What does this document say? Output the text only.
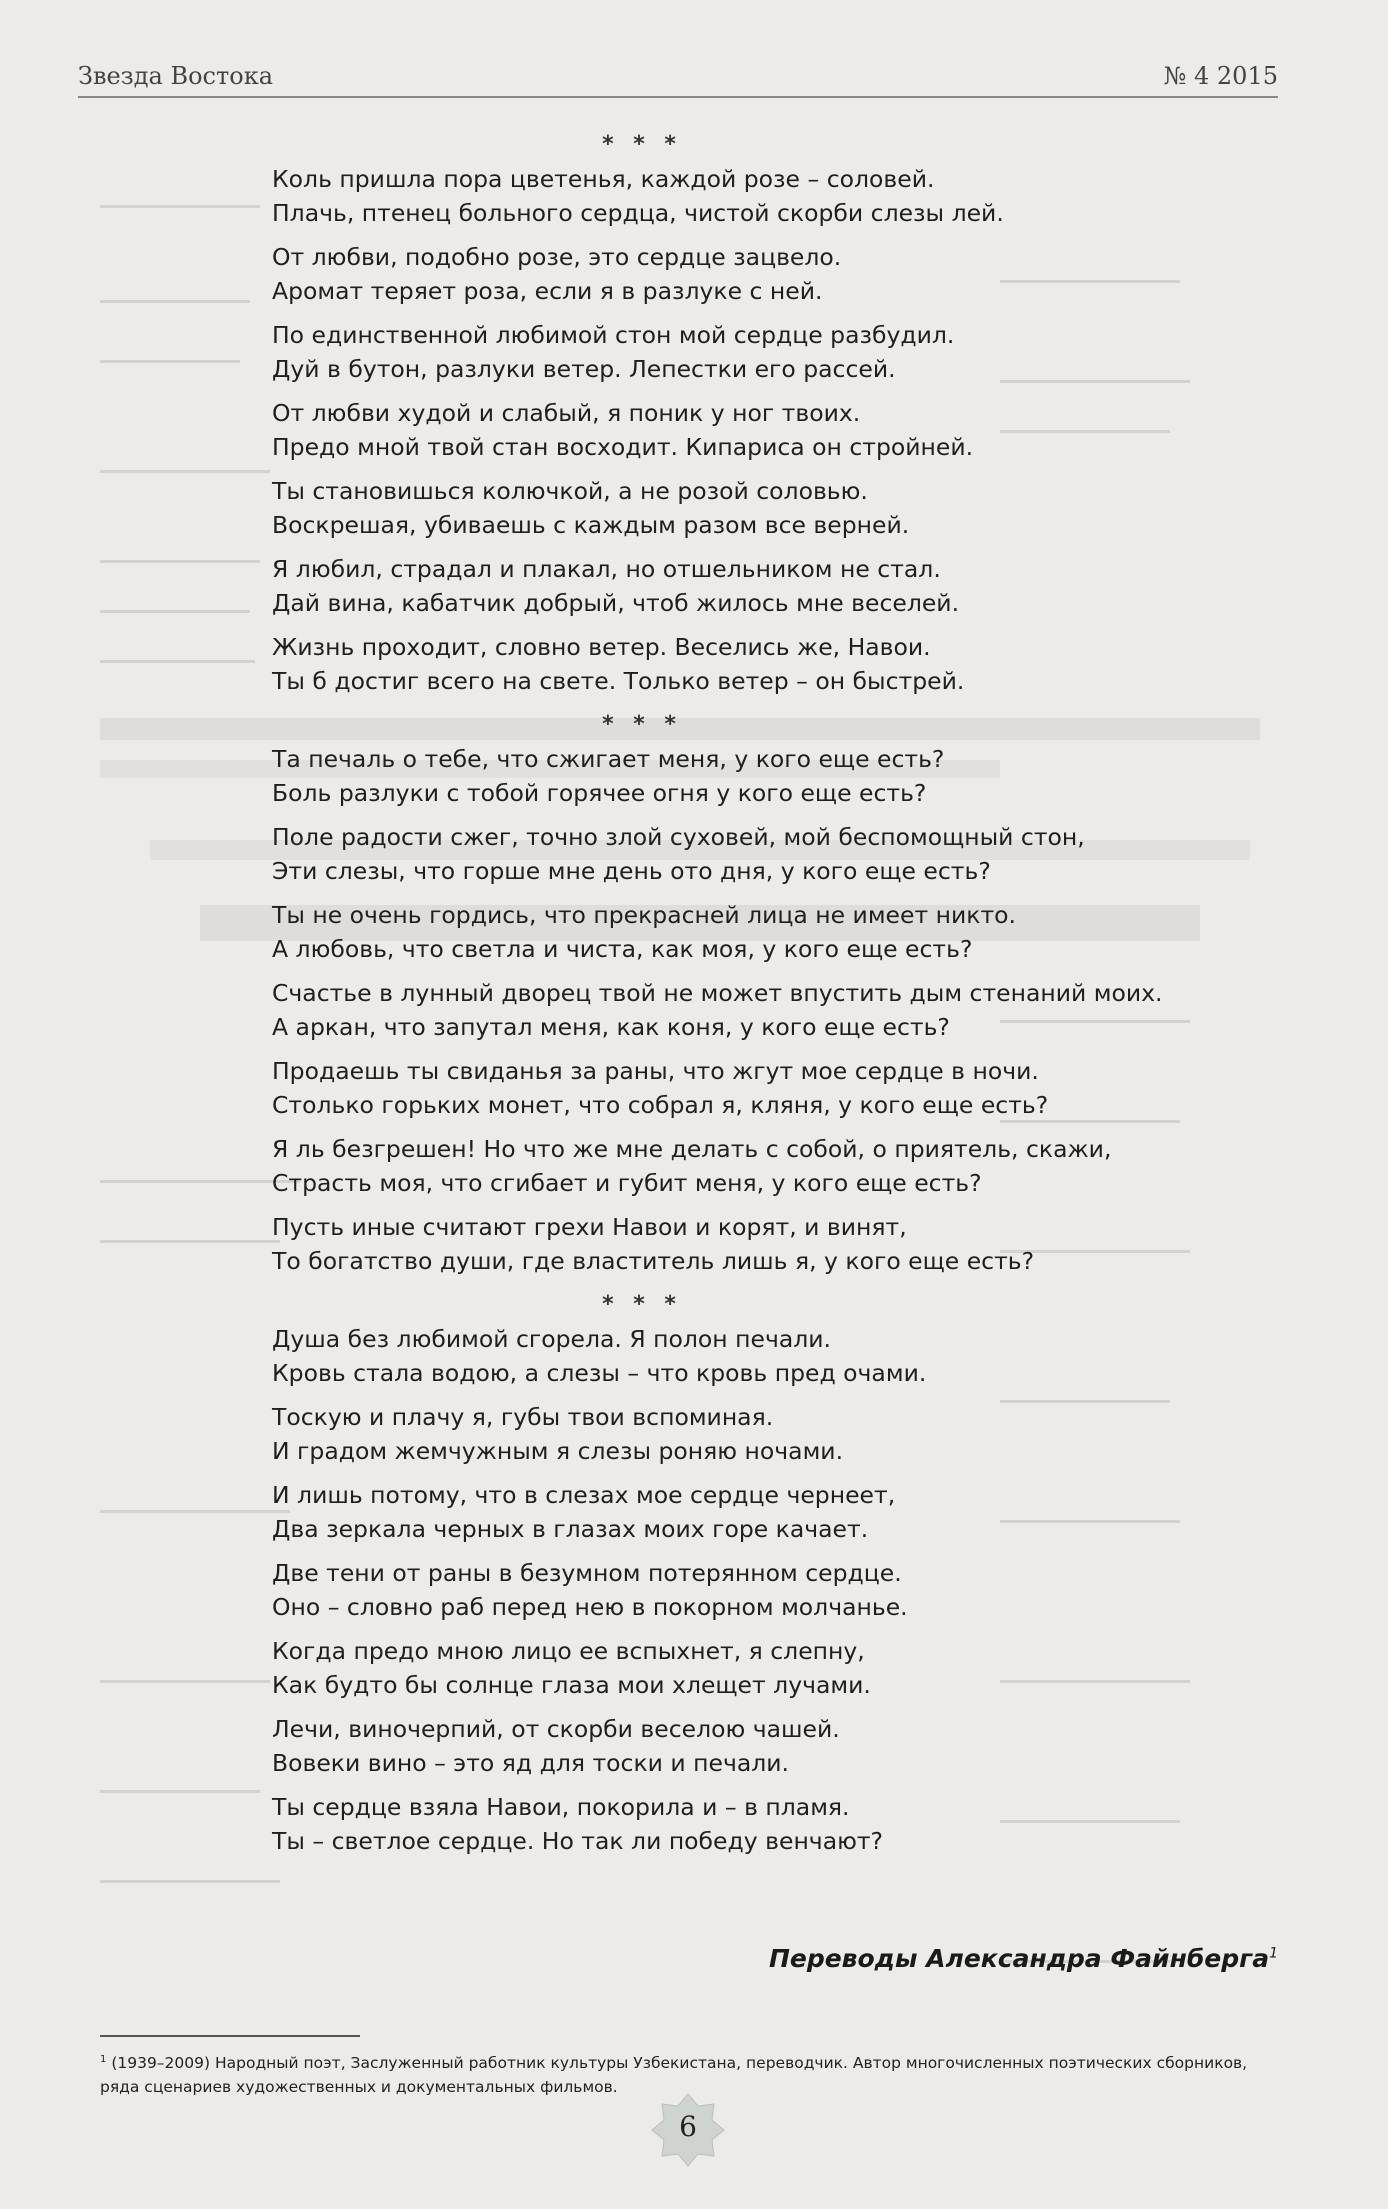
Звезда Востока	№ 4 2015
* * *
Коль пришла пора цветенья, каждой розе – соловей.
Плачь, птенец больного сердца, чистой скорби слезы лей.
От любви, подобно розе, это сердце зацвело.
Аромат теряет роза, если я в разлуке с ней.
По единственной любимой стон мой сердце разбудил.
Дуй в бутон, разлуки ветер. Лепестки его рассей.
От любви худой и слабый, я поник у ног твоих.
Предо мной твой стан восходит. Кипариса он стройней.
Ты становишься колючкой, а не розой соловью.
Воскрешая, убиваешь с каждым разом все верней.
Я любил, страдал и плакал, но отшельником не стал.
Дай вина, кабатчик добрый, чтоб жилось мне веселей.
Жизнь проходит, словно ветер. Веселись же, Навои.
Ты б достиг всего на свете. Только ветер – он быстрей.
* * *
Та печаль о тебе, что сжигает меня, у кого еще есть?
Боль разлуки с тобой горячее огня у кого еще есть?
Поле радости сжег, точно злой суховей, мой беспомощный стон,
Эти слезы, что горше мне день ото дня, у кого еще есть?
Ты не очень гордись, что прекрасней лица не имеет никто.
А любовь, что светла и чиста, как моя, у кого еще есть?
Счастье в лунный дворец твой не может впустить дым стенаний моих.
А аркан, что запутал меня, как коня, у кого еще есть?
Продаешь ты свиданья за раны, что жгут мое сердце в ночи.
Столько горьких монет, что собрал я, кляня, у кого еще есть?
Я ль безгрешен! Но что же мне делать с собой, о приятель, скажи,
Страсть моя, что сгибает и губит меня, у кого еще есть?
Пусть иные считают грехи Навои и корят, и винят,
То богатство души, где властитель лишь я, у кого еще есть?
* * *
Душа без любимой сгорела. Я полон печали.
Кровь стала водою, а слезы – что кровь пред очами.
Тоскую и плачу я, губы твои вспоминая.
И градом жемчужным я слезы роняю ночами.
И лишь потому, что в слезах мое сердце чернеет,
Два зеркала черных в глазах моих горе качает.
Две тени от раны в безумном потерянном сердце.
Оно – словно раб перед нею в покорном молчанье.
Когда предо мною лицо ее вспыхнет, я слепну,
Как будто бы солнце глаза мои хлещет лучами.
Лечи, виночерпий, от скорби веселою чашей.
Вовеки вино – это яд для тоски и печали.
Ты сердце взяла Навои, покорила и – в пламя.
Ты – светлое сердце. Но так ли победу венчают?
Переводы Александра Файнберга$^1$
$^1$ (1939–2009) Народный поэт, Заслуженный работник культуры Узбекистана, переводчик. Автор многочисленных поэтических сборников, ряда сценариев художественных и документальных фильмов.
6
